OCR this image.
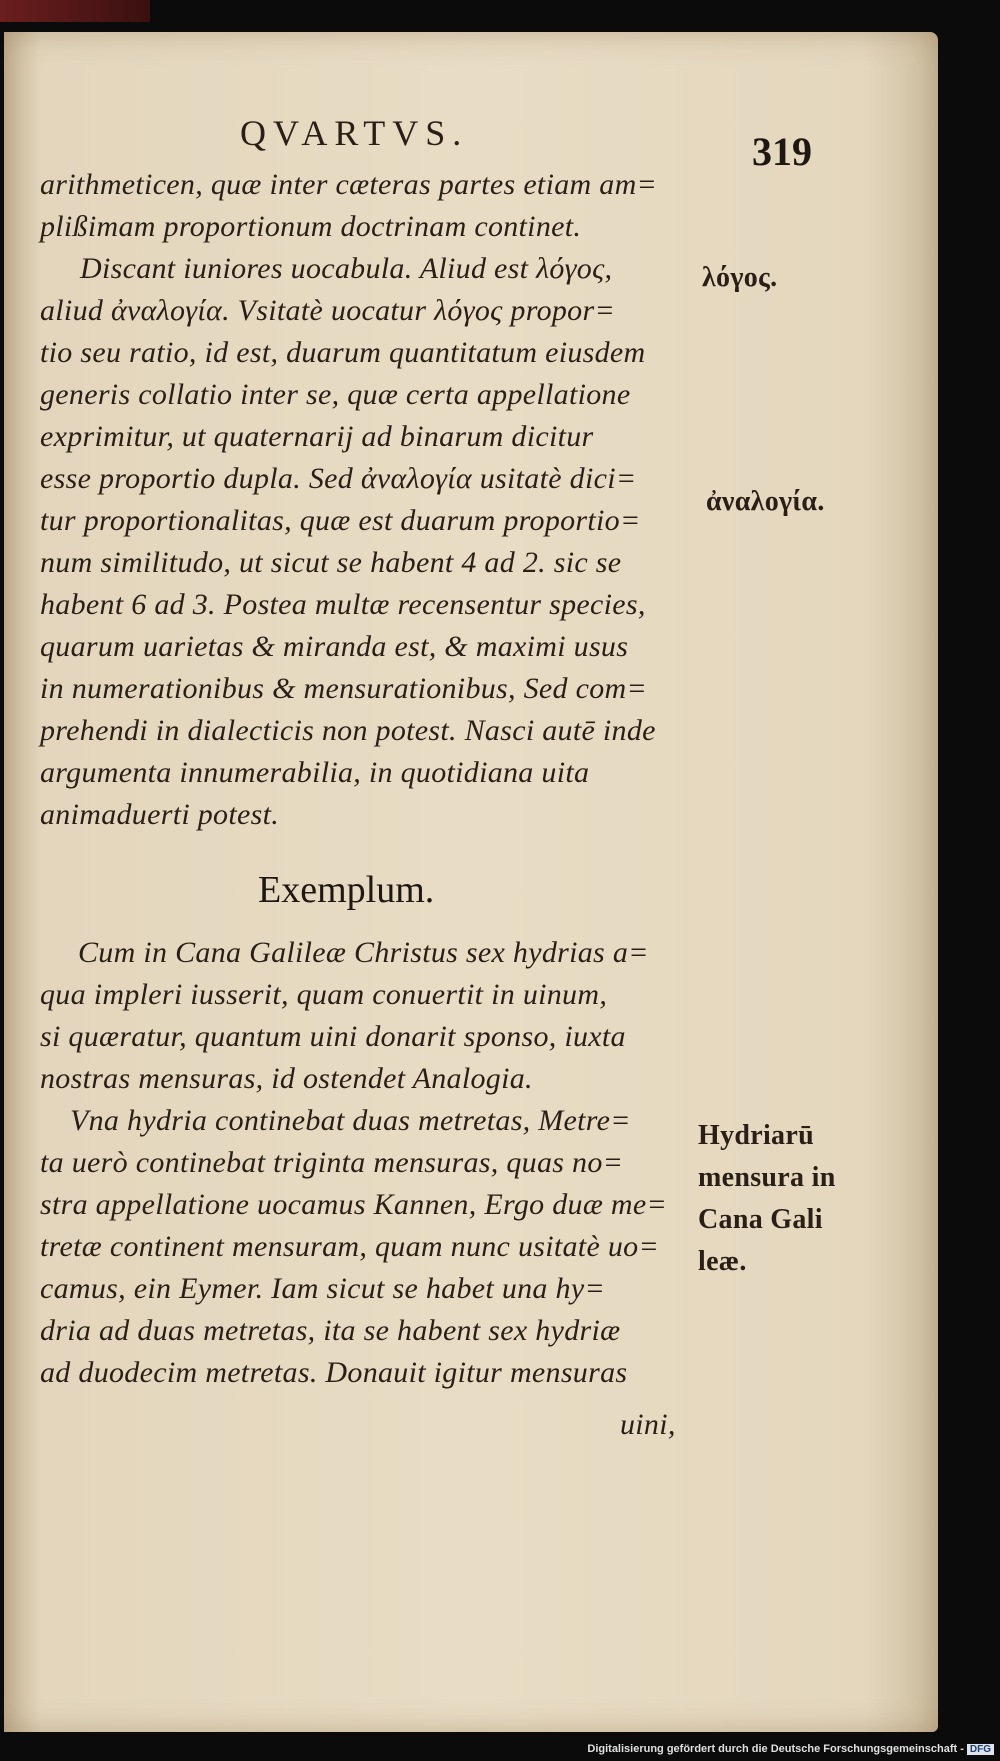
QVARTVS.	319
arithmeticen, quæ inter cæteras partes etiam am=
plißimam proportionum doctrinam continet.
Discant iuniores uocabula. Aliud est λόγος,
aliud ἀναλογία. Vsitatè uocatur λόγος propor=
tio seu ratio, id est, duarum quantitatum eiusdem
generis collatio inter se, quæ certa appellatione
exprimitur, ut quaternarij ad binarum dicitur
esse proportio dupla. Sed ἀναλογία usitatè dici=
tur proportionalitas, quæ est duarum proportio=
num similitudo, ut sicut se habent 4 ad 2. sic se
habent 6 ad 3. Postea multæ recensentur species,
quarum uarietas & miranda est, & maximi usus
in numerationibus & mensurationibus, Sed com=
prehendi in dialecticis non potest. Nasci autē inde
argumenta innumerabilia, in quotidiana uita
animaduerti potest.
λόγος.
ἀναλογία.
Exemplum.
Cum in Cana Galileæ Christus sex hydrias a=
qua impleri iusserit, quam conuertit in uinum,
si quæratur, quantum uini donarit sponso, iuxta
nostras mensuras, id ostendet Analogia.
Vna hydria continebat duas metretas, Metre=
ta uerò continebat triginta mensuras, quas no=
stra appellatione uocamus Kannen, Ergo duæ me=
tretæ continent mensuram, quam nunc usitatè uo=
camus, ein Eymer. Iam sicut se habet una hy=
dria ad duas metretas, ita se habent sex hydriæ
ad duodecim metretas. Donauit igitur mensuras
uini,
Hydriarū
mensura in
Cana Gali
leæ.
Digitalisierung gefördert durch die Deutsche Forschungsgemeinschaft - DFG
